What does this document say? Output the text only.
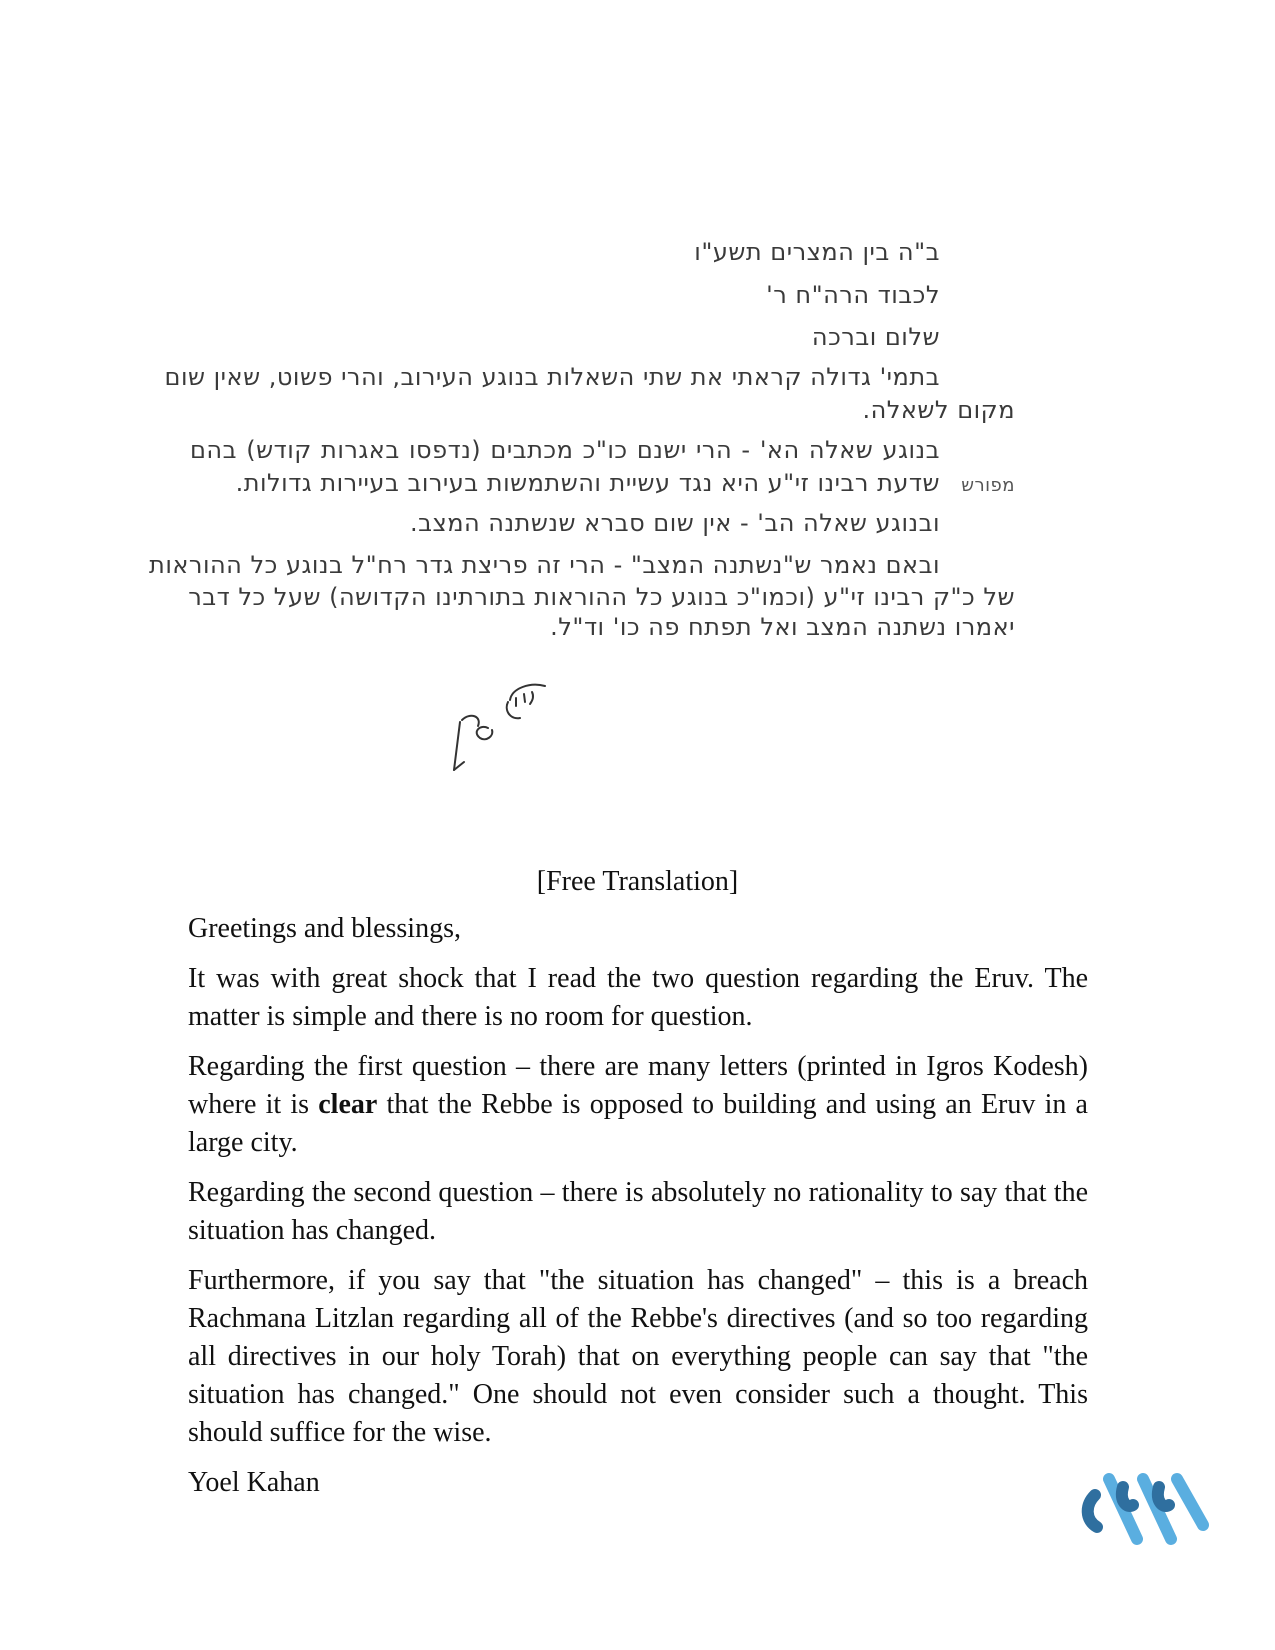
ב"ה בין המצרים תשע"ו
לכבוד הרה"ח ר'
שלום וברכה
בתמי' גדולה קראתי את שתי השאלות בנוגע העירוב, והרי פשוט, שאין שום
מקום לשאלה.
בנוגע שאלה הא' - הרי ישנם כו"כ מכתבים (נדפסו באגרות קודש) בהם
שדעת רבינו זי"ע היא נגד עשיית והשתמשות בעירוב בעיירות גדולות. מפורש
ובנוגע שאלה הב' - אין שום סברא שנשתנה המצב.
ובאם נאמר ש"נשתנה המצב" - הרי זה פריצת גדר רח"ל בנוגע כל ההוראות
של כ"ק רבינו זי"ע (וכמו"כ בנוגע כל ההוראות בתורתינו הקדושה) שעל כל דבר
יאמרו נשתנה המצב ואל תפתח פה כו' וד"ל.
[Free Translation]

Greetings and blessings,

It was with great shock that I read the two question regarding the Eruv. The matter is simple and there is no room for question.

Regarding the first question – there are many letters (printed in Igros Kodesh) where it is clear that the Rebbe is opposed to building and using an Eruv in a large city.

Regarding the second question – there is absolutely no rationality to say that the situation has changed.

Furthermore, if you say that "the situation has changed" – this is a breach Rachmana Litzlan regarding all of the Rebbe's directives (and so too regarding all directives in our holy Torah) that on everything people can say that "the situation has changed." One should not even consider such a thought. This should suffice for the wise.

Yoel Kahan
